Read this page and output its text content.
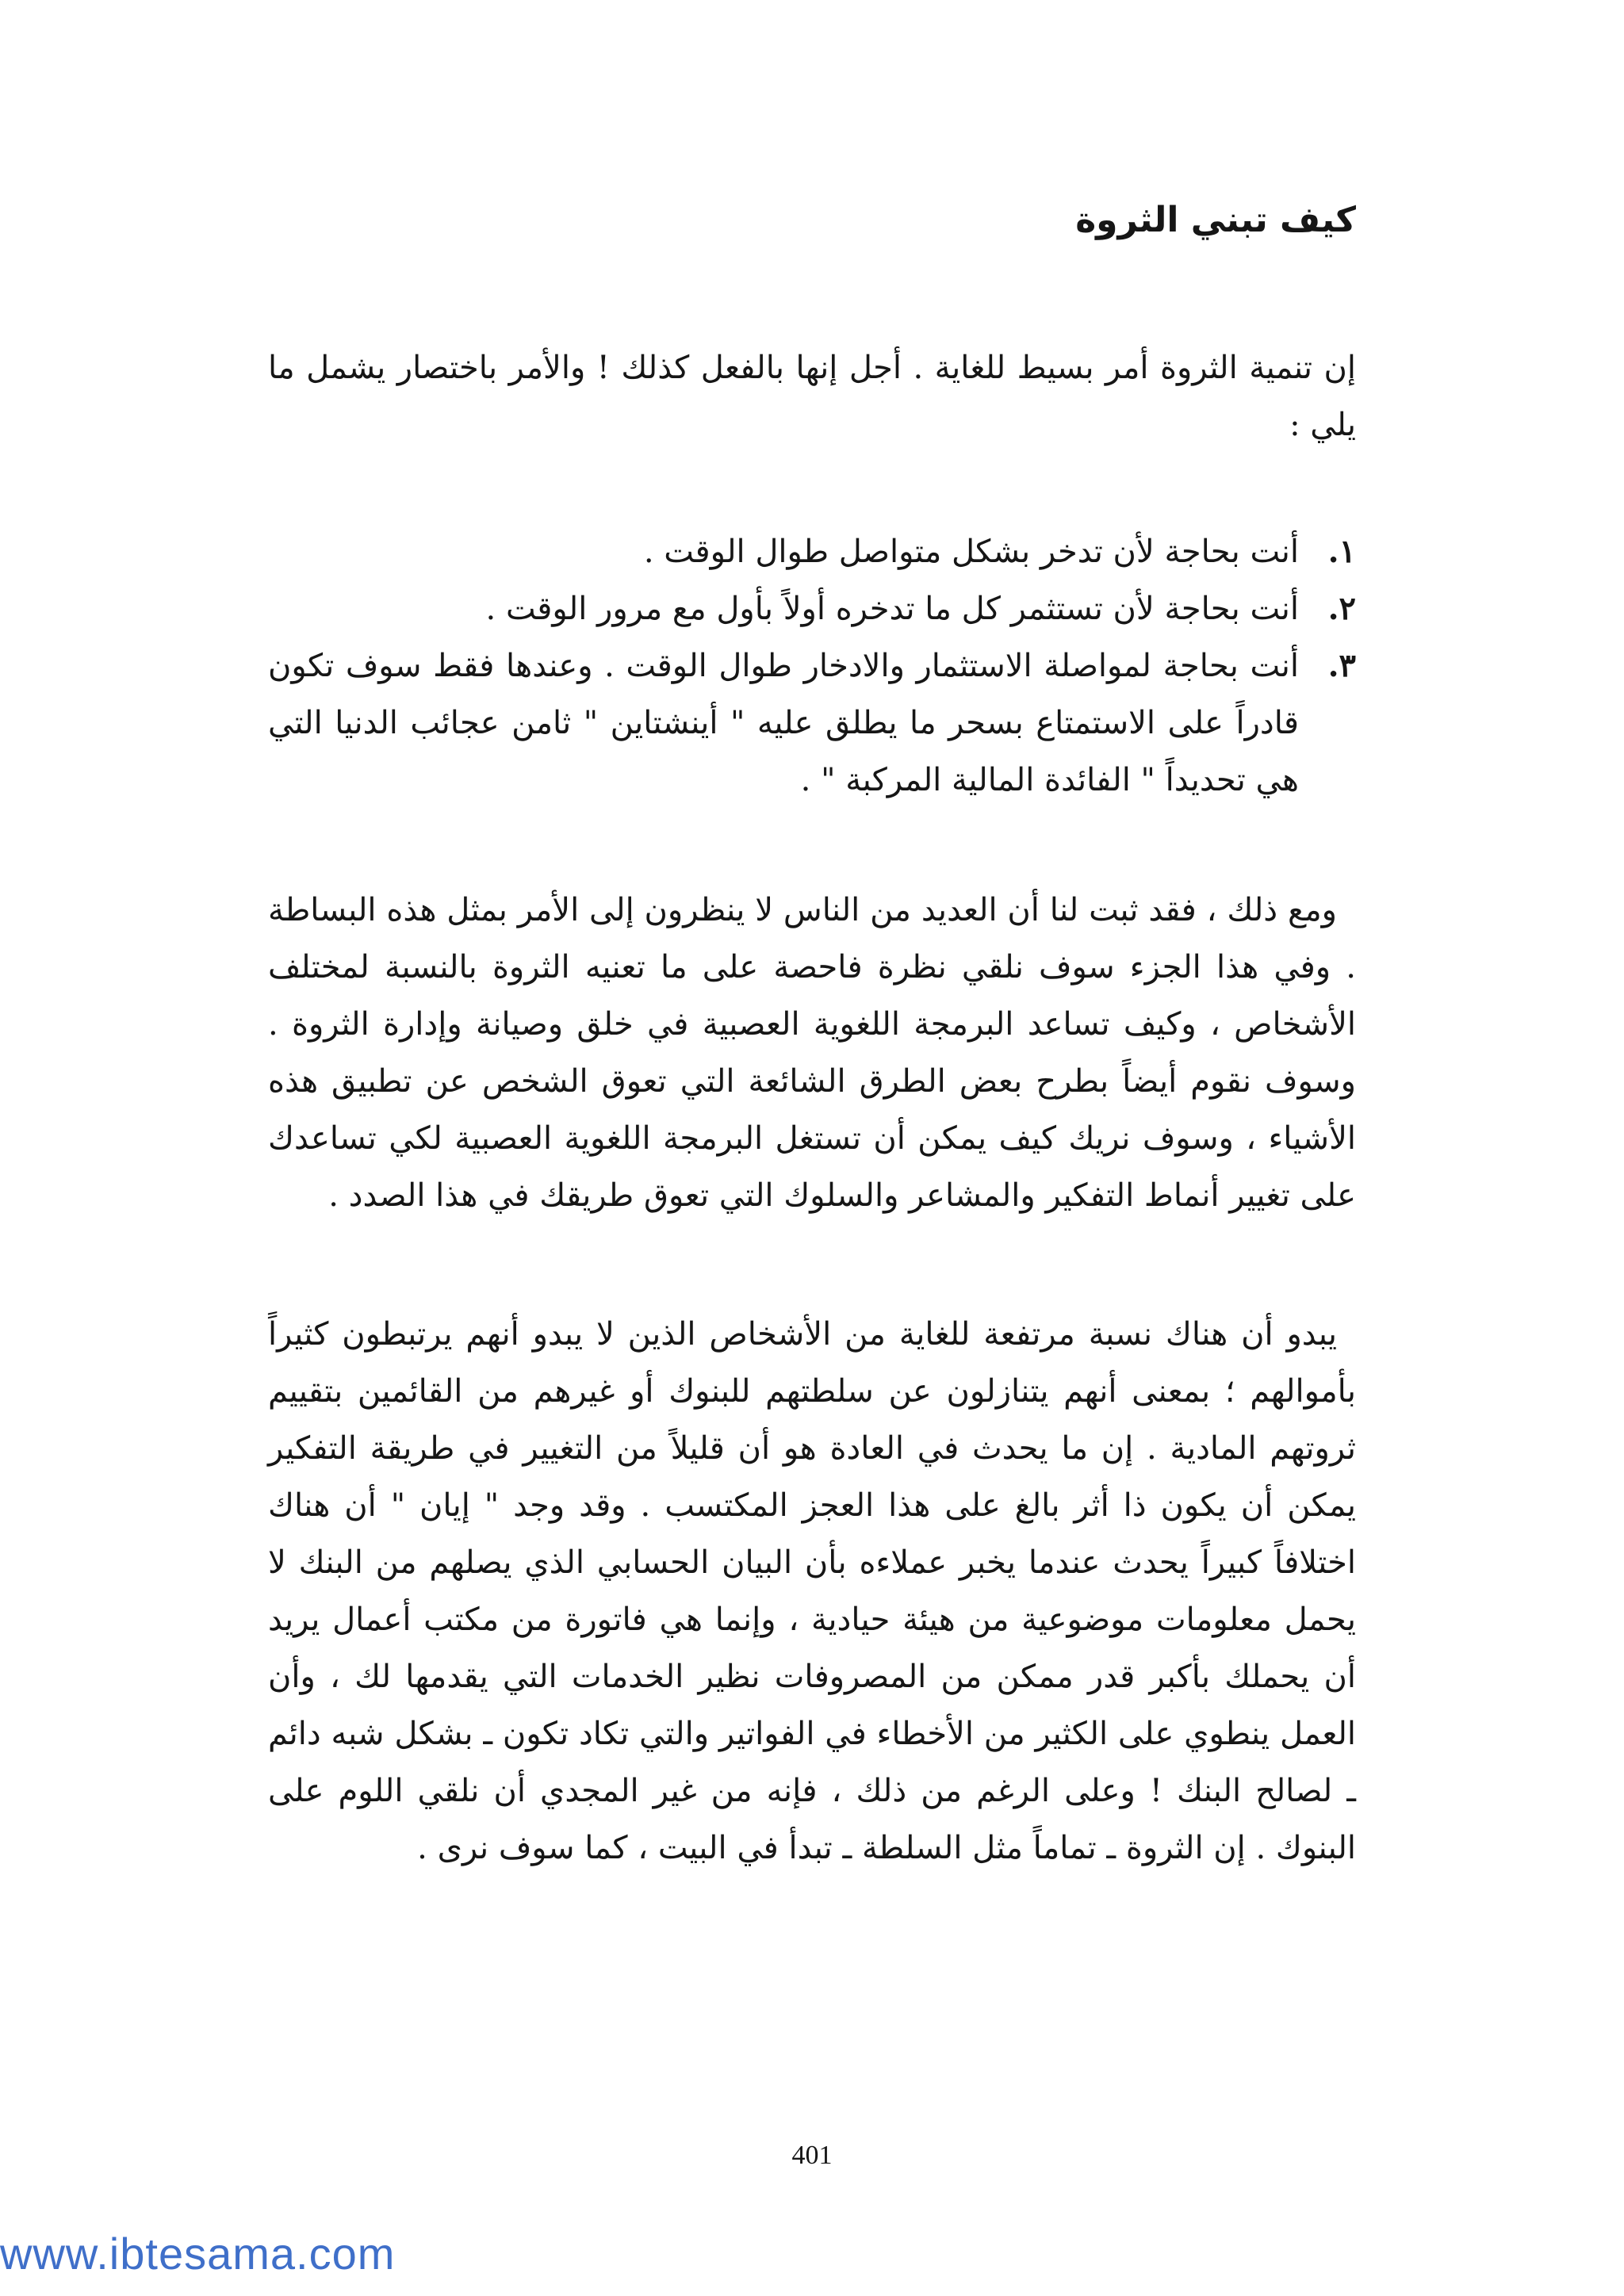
كيف تبني الثروة

إن تنمية الثروة أمر بسيط للغاية . أجل إنها بالفعل كذلك ! والأمر باختصار يشمل ما يلي :

١.
أنت بحاجة لأن تدخر بشكل متواصل طوال الوقت .
٢.
أنت بحاجة لأن تستثمر كل ما تدخره أولاً بأول مع مرور الوقت .
٣.
أنت بحاجة لمواصلة الاستثمار والادخار طوال الوقت . وعندها فقط سوف تكون قادراً على الاستمتاع بسحر ما يطلق عليه " أينشتاين " ثامن عجائب الدنيا التي هي تحديداً " الفائدة المالية المركبة " .

ومع ذلك ، فقد ثبت لنا أن العديد من الناس لا ينظرون إلى الأمر بمثل هذه البساطة . وفي هذا الجزء سوف نلقي نظرة فاحصة على ما تعنيه الثروة بالنسبة لمختلف الأشخاص ، وكيف تساعد البرمجة اللغوية العصبية في خلق وصيانة وإدارة الثروة . وسوف نقوم أيضاً بطرح بعض الطرق الشائعة التي تعوق الشخص عن تطبيق هذه الأشياء ، وسوف نريك كيف يمكن أن تستغل البرمجة اللغوية العصبية لكي تساعدك على تغيير أنماط التفكير والمشاعر والسلوك التي تعوق طريقك في هذا الصدد .

يبدو أن هناك نسبة مرتفعة للغاية من الأشخاص الذين لا يبدو أنهم يرتبطون كثيراً بأموالهم ؛ بمعنى أنهم يتنازلون عن سلطتهم للبنوك أو غيرهم من القائمين بتقييم ثروتهم المادية . إن ما يحدث في العادة هو أن قليلاً من التغيير في طريقة التفكير يمكن أن يكون ذا أثر بالغ على هذا العجز المكتسب . وقد وجد " إيان " أن هناك اختلافاً كبيراً يحدث عندما يخبر عملاءه بأن البيان الحسابي الذي يصلهم من البنك لا يحمل معلومات موضوعية من هيئة حيادية ، وإنما هي فاتورة من مكتب أعمال يريد أن يحملك بأكبر قدر ممكن من المصروفات نظير الخدمات التي يقدمها لك ، وأن العمل ينطوي على الكثير من الأخطاء في الفواتير والتي تكاد تكون ـ بشكل شبه دائم ـ لصالح البنك ! وعلى الرغم من ذلك ، فإنه من غير المجدي أن نلقي اللوم على البنوك . إن الثروة ـ تماماً مثل السلطة ـ تبدأ في البيت ، كما سوف نرى .

401
www.ibtesama.com
